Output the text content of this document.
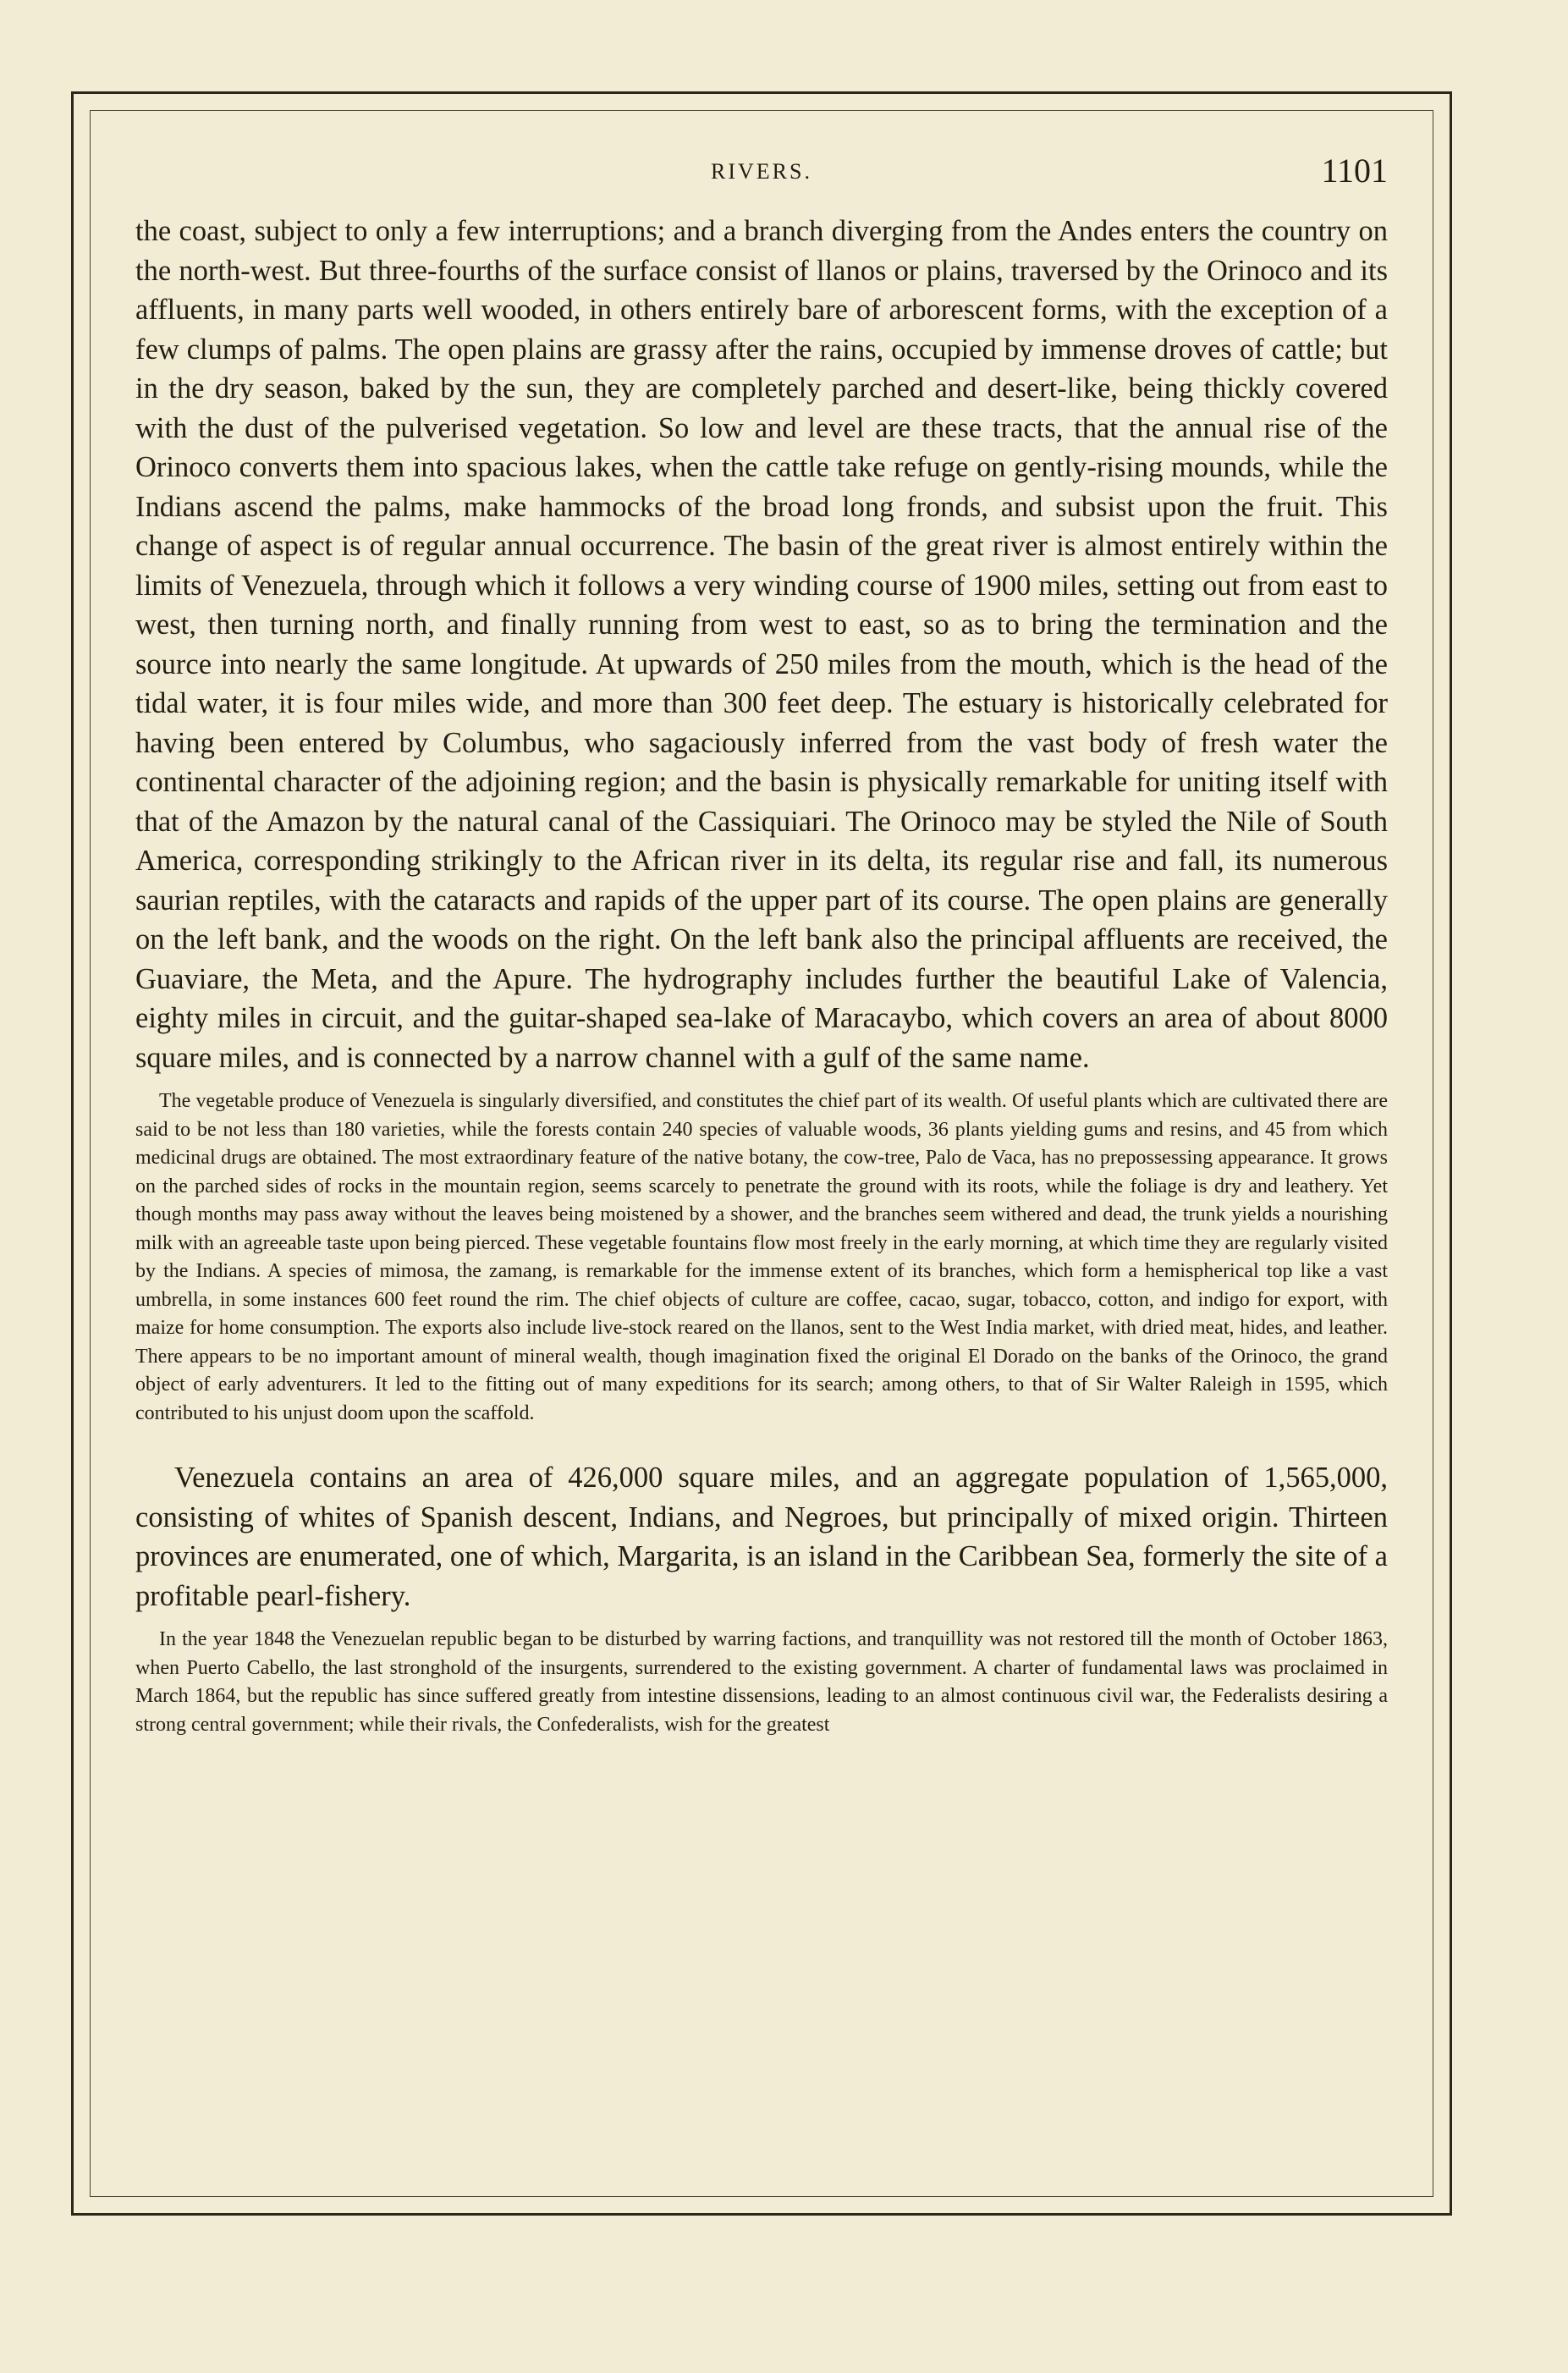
RIVERS.	1101

the coast, subject to only a few interruptions; and a branch diverging from the Andes enters the country on the north-west. But three-fourths of the surface consist of llanos or plains, traversed by the Orinoco and its affluents, in many parts well wooded, in others entirely bare of arborescent forms, with the exception of a few clumps of palms. The open plains are grassy after the rains, occupied by immense droves of cattle; but in the dry season, baked by the sun, they are completely parched and desert-like, being thickly covered with the dust of the pulverised vegetation. So low and level are these tracts, that the annual rise of the Orinoco converts them into spacious lakes, when the cattle take refuge on gently-rising mounds, while the Indians ascend the palms, make hammocks of the broad long fronds, and subsist upon the fruit. This change of aspect is of regular annual occurrence. The basin of the great river is almost entirely within the limits of Venezuela, through which it follows a very winding course of 1900 miles, setting out from east to west, then turning north, and finally running from west to east, so as to bring the termination and the source into nearly the same longitude. At upwards of 250 miles from the mouth, which is the head of the tidal water, it is four miles wide, and more than 300 feet deep. The estuary is historically celebrated for having been entered by Columbus, who sagaciously inferred from the vast body of fresh water the continental character of the adjoining region; and the basin is physically remarkable for uniting itself with that of the Amazon by the natural canal of the Cassiquiari. The Orinoco may be styled the Nile of South America, corresponding strikingly to the African river in its delta, its regular rise and fall, its numerous saurian reptiles, with the cataracts and rapids of the upper part of its course. The open plains are generally on the left bank, and the woods on the right. On the left bank also the principal affluents are received, the Guaviare, the Meta, and the Apure. The hydrography includes further the beautiful Lake of Valencia, eighty miles in circuit, and the guitar-shaped sea-lake of Maracaybo, which covers an area of about 8000 square miles, and is connected by a narrow channel with a gulf of the same name.

The vegetable produce of Venezuela is singularly diversified, and constitutes the chief part of its wealth. Of useful plants which are cultivated there are said to be not less than 180 varieties, while the forests contain 240 species of valuable woods, 36 plants yielding gums and resins, and 45 from which medicinal drugs are obtained. The most extraordinary feature of the native botany, the cow-tree, Palo de Vaca, has no prepossessing appearance. It grows on the parched sides of rocks in the mountain region, seems scarcely to penetrate the ground with its roots, while the foliage is dry and leathery. Yet though months may pass away without the leaves being moistened by a shower, and the branches seem withered and dead, the trunk yields a nourishing milk with an agreeable taste upon being pierced. These vegetable fountains flow most freely in the early morning, at which time they are regularly visited by the Indians. A species of mimosa, the zamang, is remarkable for the immense extent of its branches, which form a hemispherical top like a vast umbrella, in some instances 600 feet round the rim. The chief objects of culture are coffee, cacao, sugar, tobacco, cotton, and indigo for export, with maize for home consumption. The exports also include live-stock reared on the llanos, sent to the West India market, with dried meat, hides, and leather. There appears to be no important amount of mineral wealth, though imagination fixed the original El Dorado on the banks of the Orinoco, the grand object of early adventurers. It led to the fitting out of many expeditions for its search; among others, to that of Sir Walter Raleigh in 1595, which contributed to his unjust doom upon the scaffold.

Venezuela contains an area of 426,000 square miles, and an aggregate population of 1,565,000, consisting of whites of Spanish descent, Indians, and Negroes, but principally of mixed origin. Thirteen provinces are enumerated, one of which, Margarita, is an island in the Caribbean Sea, formerly the site of a profitable pearl-fishery.

In the year 1848 the Venezuelan republic began to be disturbed by warring factions, and tranquillity was not restored till the month of October 1863, when Puerto Cabello, the last stronghold of the insurgents, surrendered to the existing government. A charter of fundamental laws was proclaimed in March 1864, but the republic has since suffered greatly from intestine dissensions, leading to an almost continuous civil war, the Federalists desiring a strong central government; while their rivals, the Confederalists, wish for the greatest
